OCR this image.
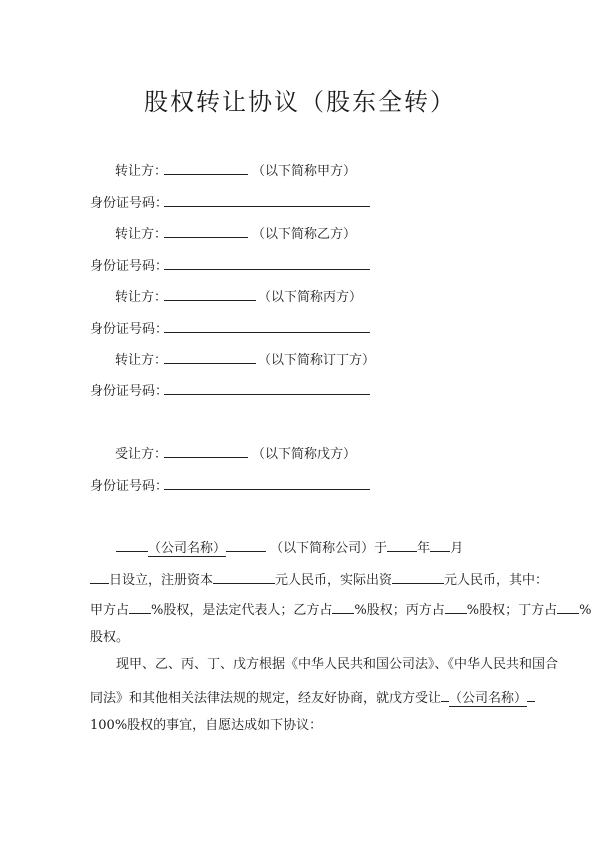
股权转让协议（股东全转）
转让方：	（以下简称甲方）
身份证号码：
转让方：	（以下简称乙方）
身份证号码：
转让方：	（以下简称丙方）
身份证号码：
转让方：	（以下简称订丁方）
身份证号码：
受让方：	（以下简称戊方）
身份证号码：
（公司名称）	（以下简称公司）于 年 月
日设立，注册资本	元人民币，实际出资	元人民币，其中：
甲方占 %股权，是法定代表人；乙方占 %股权；丙方占 %股权；丁方占 %
股权。
现甲、乙、丙、丁、戊方根据《中华人民共和国公司法》、《中华人民共和国合
同法》和其他相关法律法规的规定，经友好协商，就戊方受让 （公司名称）
100%股权的事宜，自愿达成如下协议：
